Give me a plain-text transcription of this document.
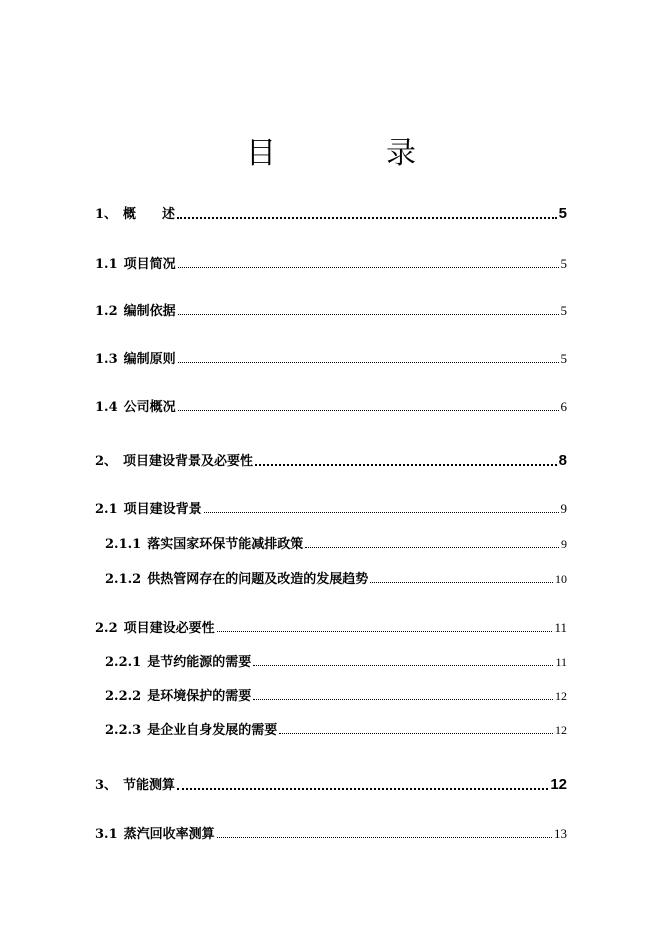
目　录
1、 概　　述	5
1.1 项目简况	5
1.2 编制依据	5
1.3 编制原则	5
1.4 公司概况	6
2、 项目建设背景及必要性	8
2.1 项目建设背景	9
2.1.1 落实国家环保节能减排政策	9
2.1.2 供热管网存在的问题及改造的发展趋势	10
2.2 项目建设必要性	11
2.2.1 是节约能源的需要	11
2.2.2 是环境保护的需要	12
2.2.3 是企业自身发展的需要	12
3、 节能测算	12
3.1 蒸汽回收率测算	13
